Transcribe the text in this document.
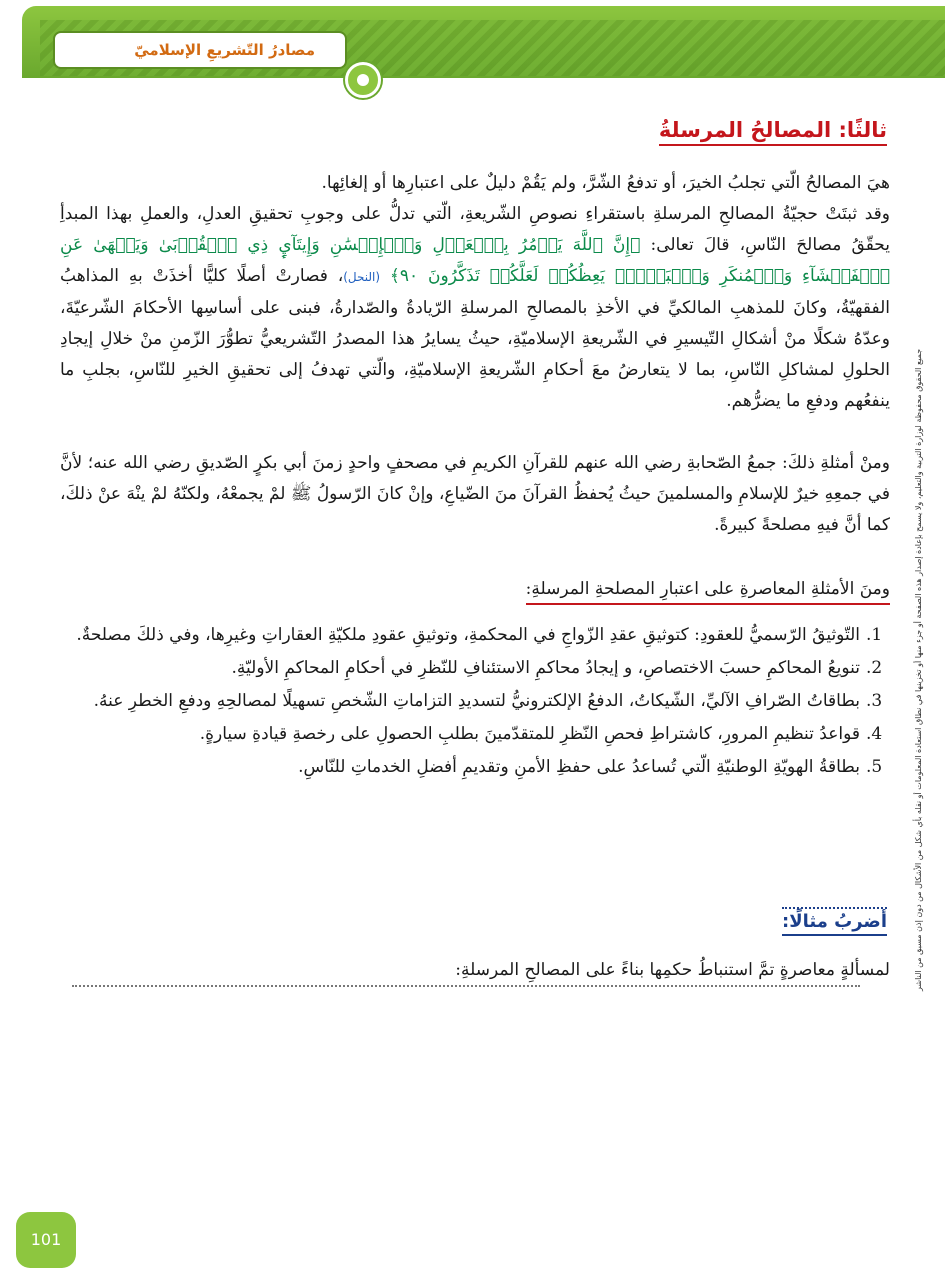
مصادرُ التّشريعِ الإسلاميّ
جميع الحقوق محفوظة لوزارة التربية والتعليم، ولا يسمح بإعادة إصدار هذه الصفحة أو جزء منها أو تخزينها في نطاق استعادة المعلومات أو نقله بأي شكل من الأشكال من دون إذن مسبق من الناشر
ثالثًا: المصالحُ المرسلةُ

هيَ المصالحُ الّتي تجلبُ الخيرَ، أو تدفعُ الشّرَّ، ولم يَقُمْ دليلٌ على اعتبارِها أو إلغائِها.

وقد ثبتَتْ حجيّةُ المصالحِ المرسلةِ باستقراءِ نصوصِ الشّريعةِ، الّتي تدلُّ على وجوبِ تحقيقِ العدلِ، والعملِ بهذا المبدأِ يحقّقُ مصالحَ النّاسِ، قالَ تعالى: ﴿إِنَّ ٱللَّهَ يَأۡمُرُ بِٱلۡعَدۡلِ وَٱلۡإِحۡسَٰنِ وَإِيتَآيِٕ ذِي ٱلۡقُرۡبَىٰ وَيَنۡهَىٰ عَنِ ٱلۡفَحۡشَآءِ وَٱلۡمُنكَرِ وَٱلۡبَغۡيِۚ يَعِظُكُمۡ لَعَلَّكُمۡ تَذَكَّرُونَ ٩٠﴾ (النحل)، فصارتْ أصلًا كليًّا أخذَتْ بهِ المذاهبُ الفقهيّةُ، وكانَ للمذهبِ المالكيِّ في الأخذِ بالمصالحِ المرسلةِ الرّيادةُ والصّدارةُ، فبنى على أساسِها الأحكامَ الشّرعيّةَ، وعدّهُ شكلًا منْ أشكالِ التّيسيرِ في الشّريعةِ الإسلاميّةِ، حيثُ يسايرُ هذا المصدرُ التّشريعيُّ تطوُّرَ الزّمنِ منْ خلالِ إيجادِ الحلولِ لمشاكلِ النّاسِ، بما لا يتعارضُ معَ أحكامِ الشّريعةِ الإسلاميّةِ، والّتي تهدفُ إلى تحقيقِ الخيرِ للنّاسِ، بجلبِ ما ينفعُهم ودفعِ ما يضرُّهم.

ومنْ أمثلةِ ذلكَ: جمعُ الصّحابةِ رضي الله عنهم للقرآنِ الكريمِ في مصحفٍ واحدٍ زمنَ أبي بكرٍ الصّديقِ رضي الله عنه؛ لأنَّ في جمعِهِ خيرٌ للإسلامِ والمسلمينَ حيثُ يُحفظُ القرآنَ منَ الضّياعِ، وإنْ كانَ الرّسولُ ﷺ لمْ يجمعْهُ، ولكنّهُ لمْ ينْهَ عنْ ذلكَ، كما أنَّ فيهِ مصلحةً كبيرةً.

ومنَ الأمثلةِ المعاصرةِ على اعتبارِ المصلحةِ المرسلةِ:
1.
التّوثيقُ الرّسميُّ للعقودِ: كتوثيقِ عقدِ الزّواجِ في المحكمةِ، وتوثيقِ عقودِ ملكيّةِ العقاراتِ وغيرِها، وفي ذلكَ مصلحةٌ.
2.
تنويعُ المحاكمِ حسبَ الاختصاصِ، و إيجادُ محاكمِ الاستئنافِ للنّظرِ في أحكامِ المحاكمِ الأوليّةِ.
3.
بطاقاتُ الصّرافِ الآليِّ، الشّيكاتُ، الدفعُ الإلكترونيُّ لتسديدِ التزاماتِ الشّخصِ تسهيلًا لمصالحِهِ ودفعِ الخطرِ عنهُ.
4.
قواعدُ تنظيمِ المرورِ، كاشتراطِ فحصِ النّظرِ للمتقدّمينَ بطلبِ الحصولِ على رخصةِ قيادةِ سيارةٍ.
5.
بطاقةُ الهويّةِ الوطنيّةِ الّتي تُساعدُ على حفظِ الأمنِ وتقديمِ أفضلِ الخدماتِ للنّاسِ.
أضربُ مثالًا:
لمسألةٍ معاصرةٍ تمَّ استنباطُ حكمِها بناءً على المصالحِ المرسلةِ:
101
